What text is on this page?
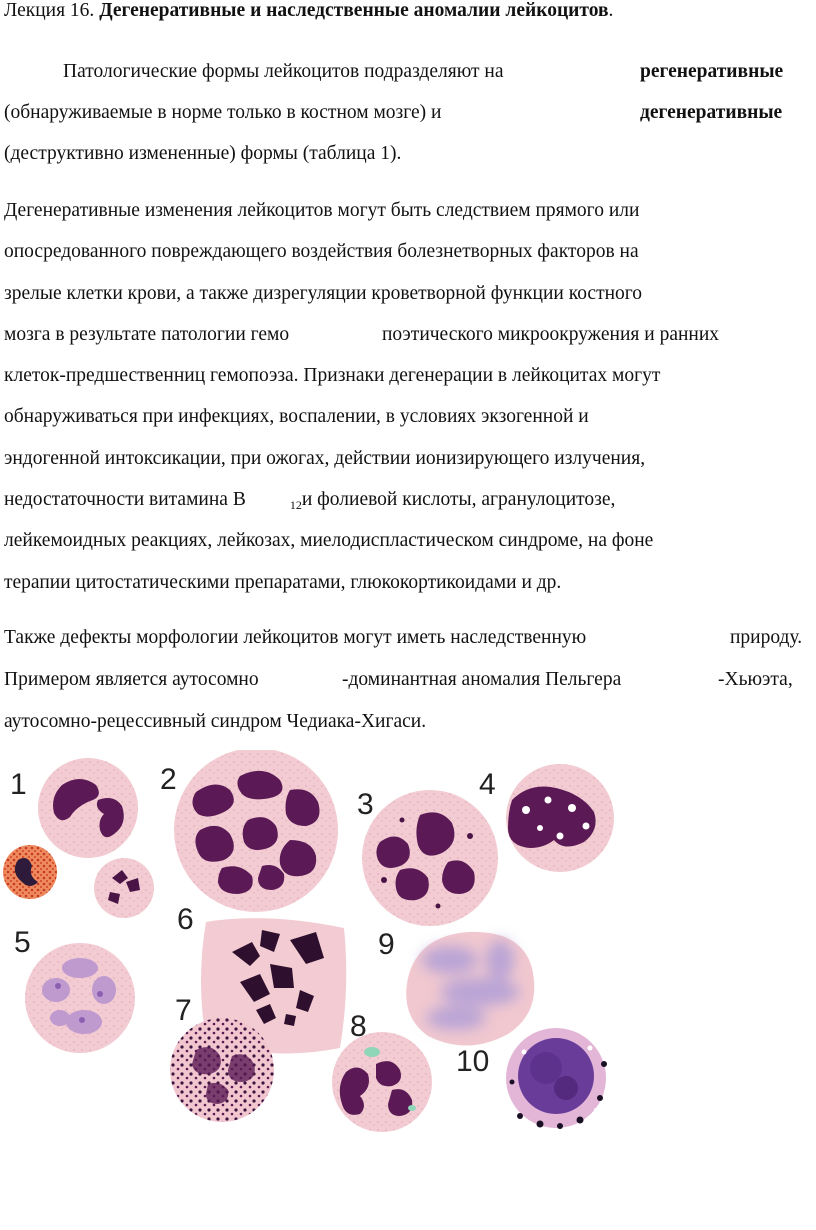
Лекция 16. Дегенеративные и наследственные аномалии лейкоцитов.
Патологические формы лейкоцитов подразделяют на	регенеративные
(обнаруживаемые в норме только в костном мозге) и	дегенеративные
(деструктивно измененные) формы (таблица 1).
Дегенеративные изменения лейкоцитов могут быть следствием прямого или
опосредованного повреждающего воздействия болезнетворных факторов на
зрелые клетки крови, а также дизрегуляции кроветворной функции костного
мозга в результате патологии гемо	поэтического микроокружения и ранних
клеток-предшественниц гемопоэза. Признаки дегенерации в лейкоцитах могут
обнаруживаться при инфекциях, воспалении, в условиях экзогенной и
эндогенной интоксикации, при ожогах, действии ионизирующего излучения,
недостаточности витамина В	$_{12}$и фолиевой кислоты, агранулоцитозе,
лейкемоидных реакциях, лейкозах, миелодиспластическом синдроме, на фоне
терапии цитостатическими препаратами, глюкокортикоидами и др.
Также дефекты морфологии лейкоцитов могут иметь наследственную	природу.
Примером является аутосомно	-доминантная аномалия Пельгера	-Хьюэта,
аутосомно-рецессивный синдром Чедиака-Хигаси.
1	2
3
4
5
6
7	8
9
10
